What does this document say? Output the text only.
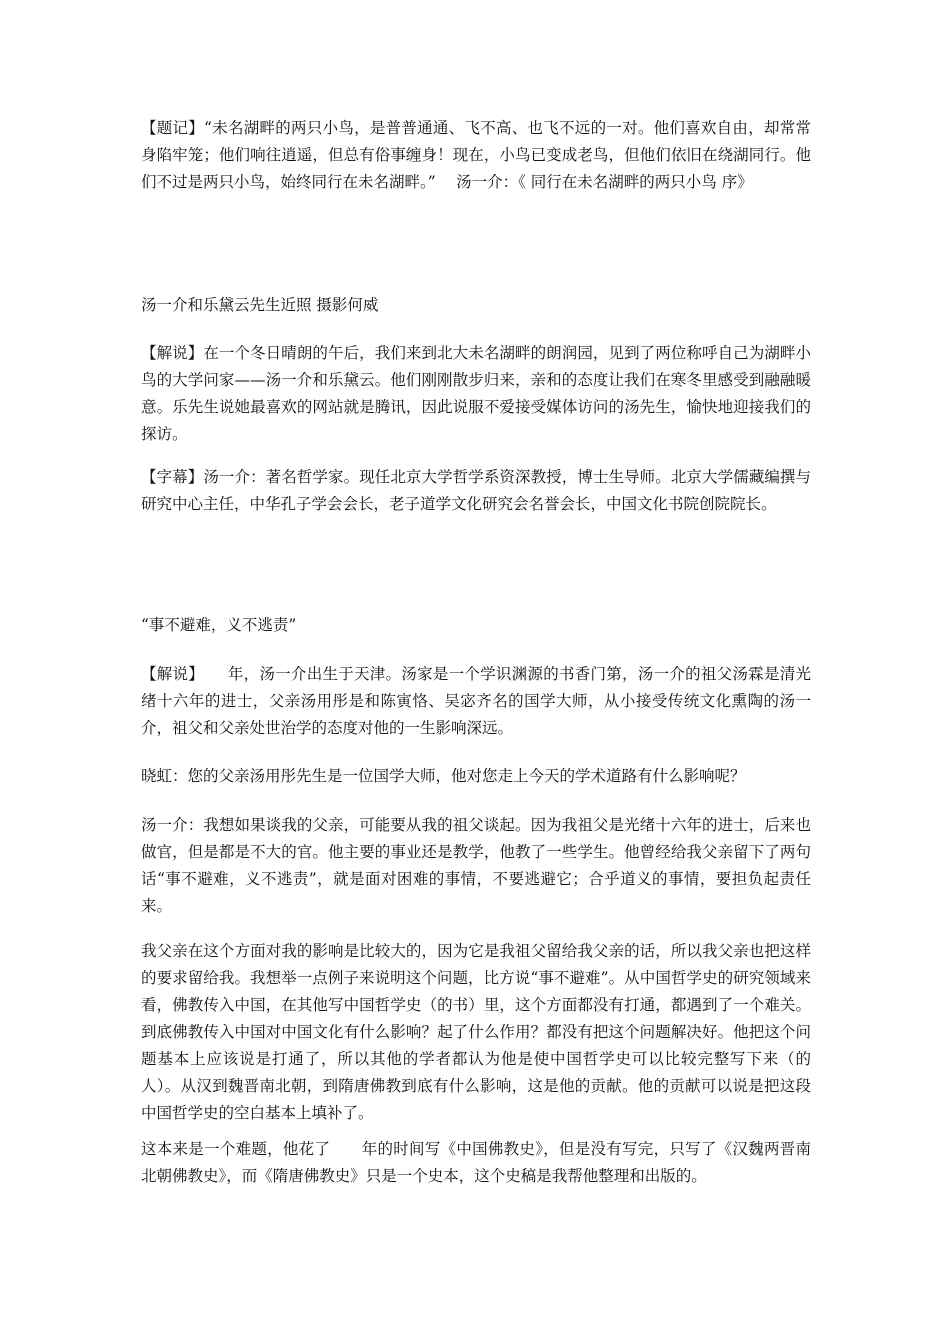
【题记】“未名湖畔的两只小鸟，是普普通通、飞不高、也飞不远的一对。他们喜欢自由，却常常身陷牢笼；他们响往逍遥，但总有俗事缠身！现在，小鸟已变成老鸟，但他们依旧在绕湖同行。他们不过是两只小鸟，始终同行在未名湖畔。”　 汤一介：《 同行在未名湖畔的两只小鸟 序》

汤一介和乐黛云先生近照 摄影何威

【解说】在一个冬日晴朗的午后，我们来到北大未名湖畔的朗润园，见到了两位称呼自己为湖畔小鸟的大学问家——汤一介和乐黛云。他们刚刚散步归来，亲和的态度让我们在寒冬里感受到融融暖意。乐先生说她最喜欢的网站就是腾讯，因此说服不爱接受媒体访问的汤先生，愉快地迎接我们的探访。

【字幕】汤一介：著名哲学家。现任北京大学哲学系资深教授，博士生导师。北京大学儒藏编撰与研究中心主任，中华孔子学会会长，老子道学文化研究会名誉会长，中国文化书院创院院长。

“事不避难，义不逃责”

【解说】　　年，汤一介出生于天津。汤家是一个学识渊源的书香门第，汤一介的祖父汤霖是清光绪十六年的进士，父亲汤用彤是和陈寅恪、吴宓齐名的国学大师，从小接受传统文化熏陶的汤一介，祖父和父亲处世治学的态度对他的一生影响深远。

晓虹：您的父亲汤用彤先生是一位国学大师，他对您走上今天的学术道路有什么影响呢？

汤一介：我想如果谈我的父亲，可能要从我的祖父谈起。因为我祖父是光绪十六年的进士，后来也做官，但是都是不大的官。他主要的事业还是教学，他教了一些学生。他曾经给我父亲留下了两句话“事不避难，义不逃责”，就是面对困难的事情，不要逃避它；合乎道义的事情，要担负起责任来。

我父亲在这个方面对我的影响是比较大的，因为它是我祖父留给我父亲的话，所以我父亲也把这样的要求留给我。我想举一点例子来说明这个问题，比方说“事不避难”。从中国哲学史的研究领域来看，佛教传入中国，在其他写中国哲学史（的书）里，这个方面都没有打通，都遇到了一个难关。到底佛教传入中国对中国文化有什么影响？起了什么作用？都没有把这个问题解决好。他把这个问题基本上应该说是打通了，所以其他的学者都认为他是使中国哲学史可以比较完整写下来（的人）。从汉到魏晋南北朝，到隋唐佛教到底有什么影响，这是他的贡献。他的贡献可以说是把这段中国哲学史的空白基本上填补了。

这本来是一个难题，他花了　　年的时间写《中国佛教史》，但是没有写完，只写了《汉魏两晋南北朝佛教史》，而《隋唐佛教史》只是一个史本，这个史稿是我帮他整理和出版的。
